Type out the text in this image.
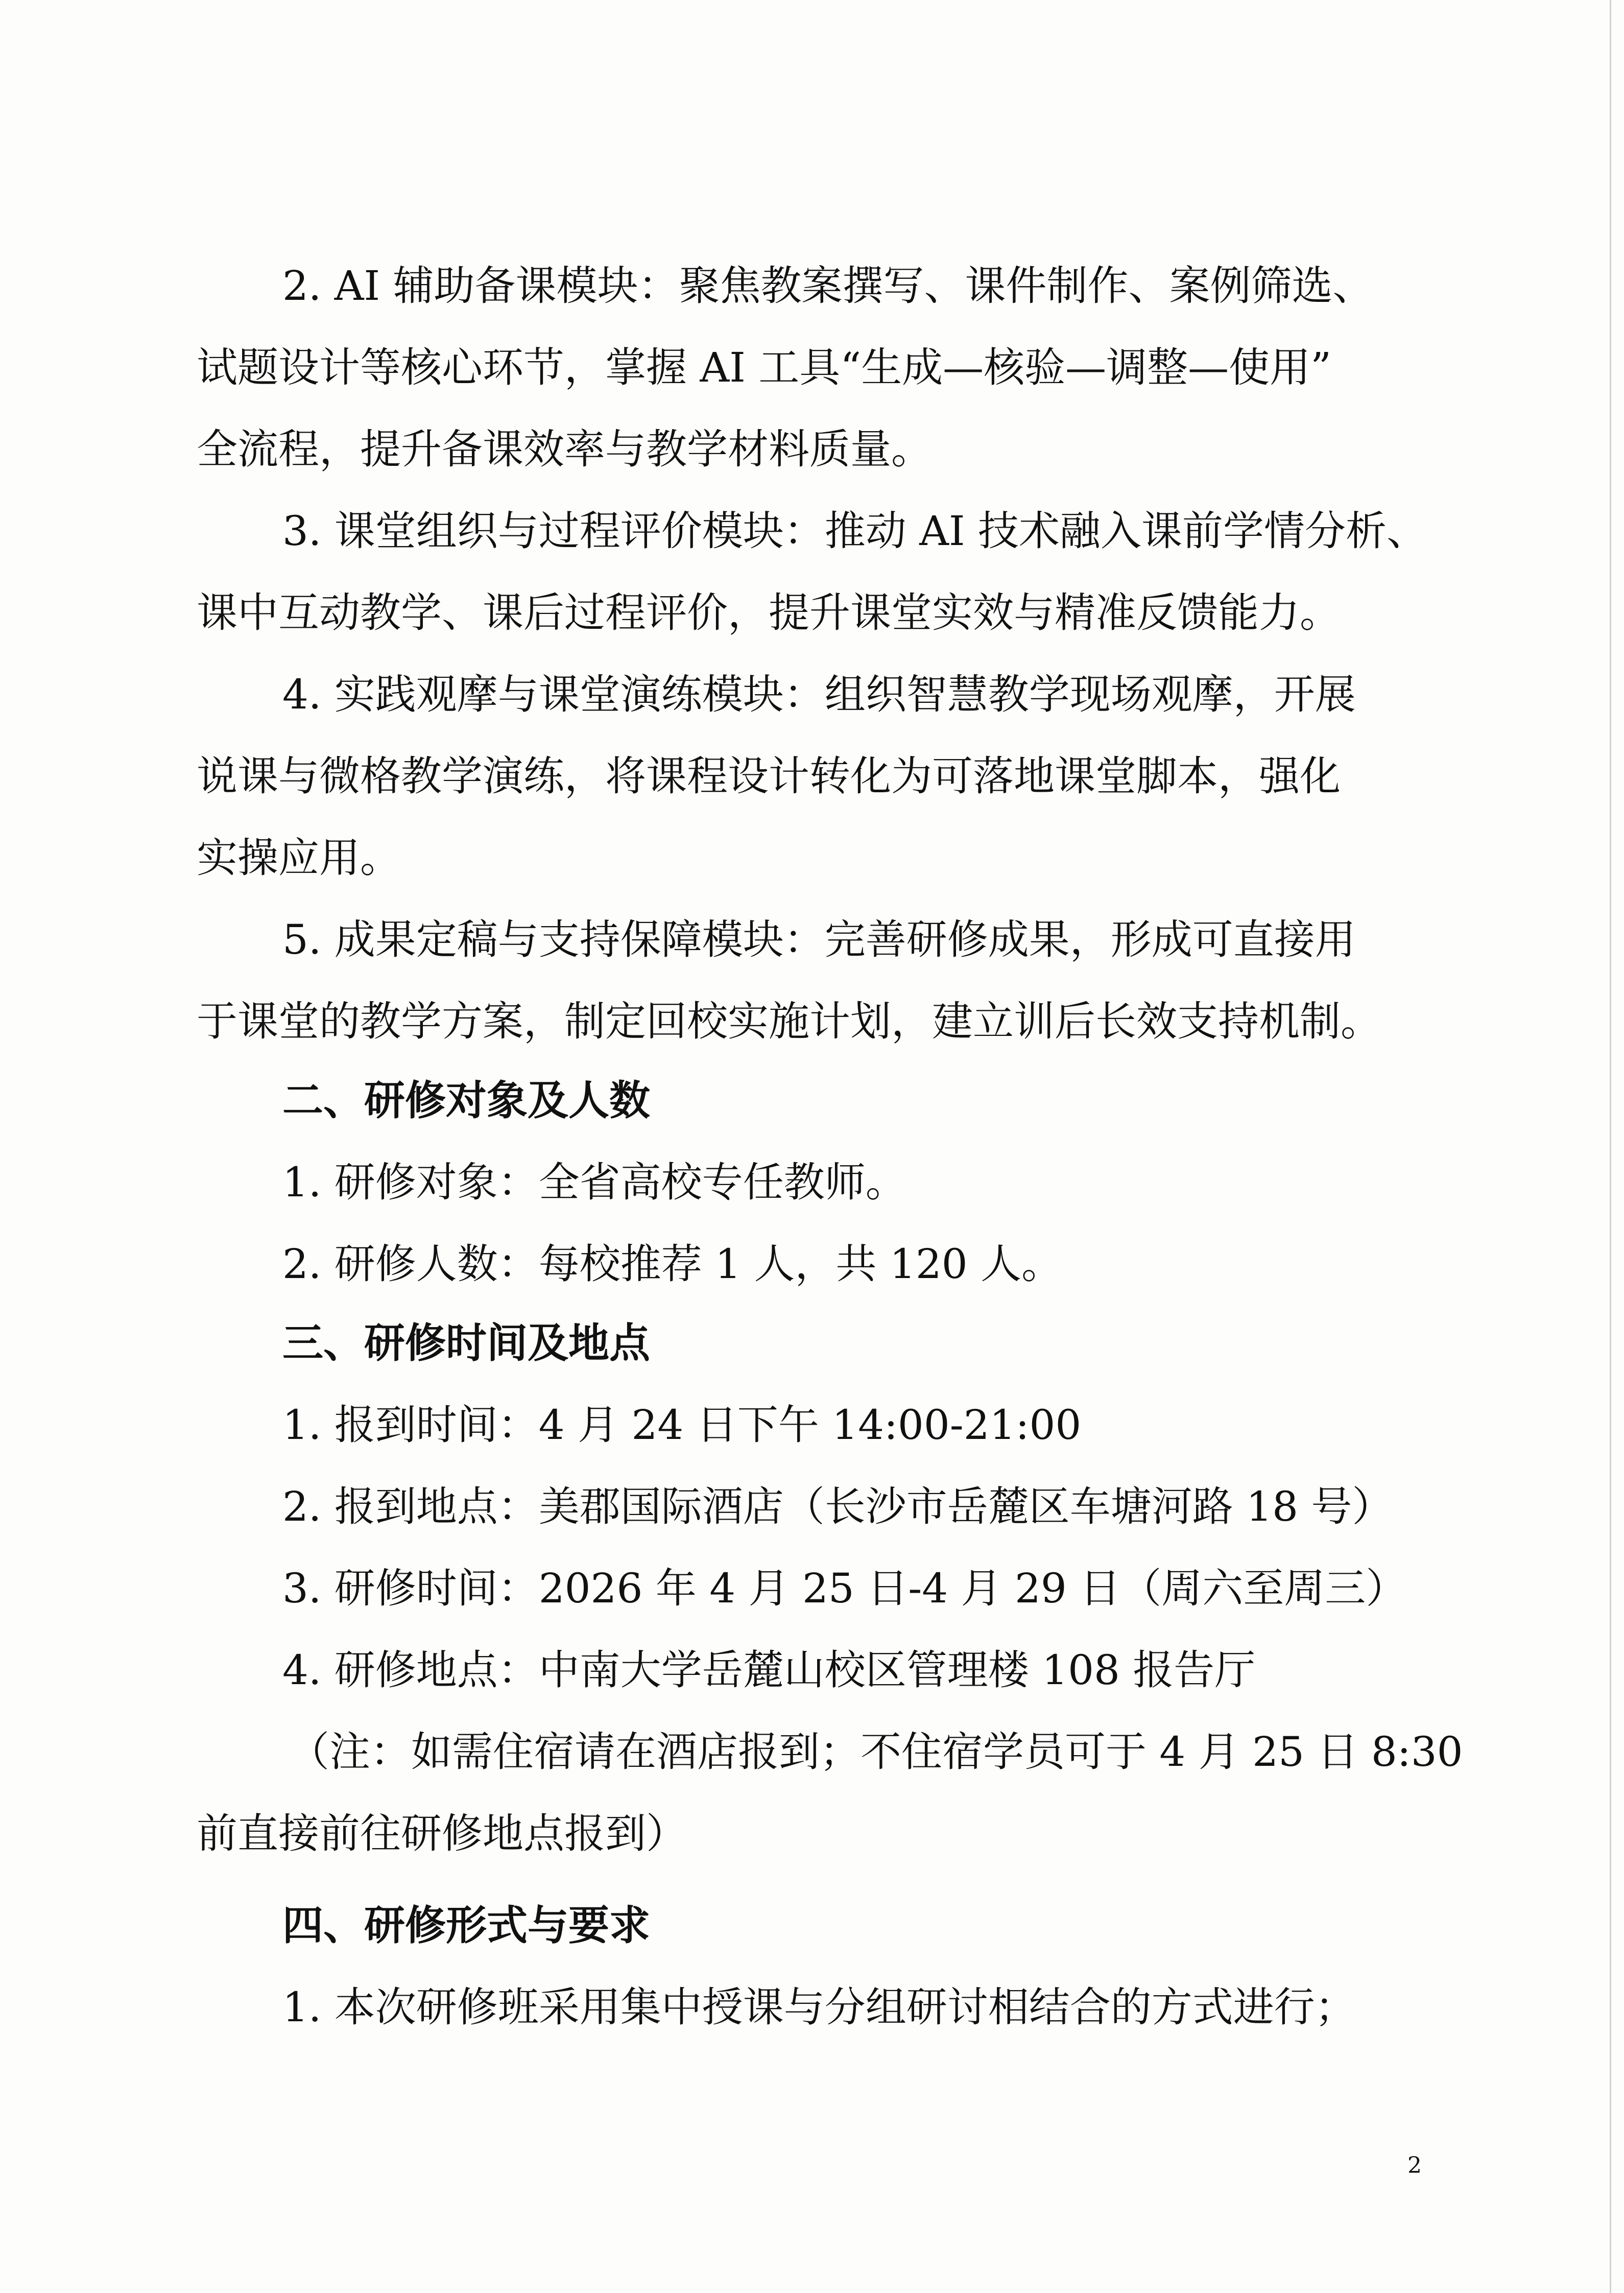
2. AI 辅助备课模块：聚焦教案撰写、课件制作、案例筛选、
试题设计等核心环节，掌握 AI 工具“生成—核验—调整—使用”
全流程，提升备课效率与教学材料质量。
3. 课堂组织与过程评价模块：推动 AI 技术融入课前学情分析、
课中互动教学、课后过程评价，提升课堂实效与精准反馈能力。
4. 实践观摩与课堂演练模块：组织智慧教学现场观摩，开展
说课与微格教学演练，将课程设计转化为可落地课堂脚本，强化
实操应用。
5. 成果定稿与支持保障模块：完善研修成果，形成可直接用
于课堂的教学方案，制定回校实施计划，建立训后长效支持机制。
二、研修对象及人数
1. 研修对象：全省高校专任教师。
2. 研修人数：每校推荐 1 人，共 120 人。
三、研修时间及地点
1. 报到时间：4 月 24 日下午 14:00-21:00
2. 报到地点：美郡国际酒店（长沙市岳麓区车塘河路 18 号）
3. 研修时间：2026 年 4 月 25 日-4 月 29 日（周六至周三）
4. 研修地点：中南大学岳麓山校区管理楼 108 报告厅
（注：如需住宿请在酒店报到；不住宿学员可于 4 月 25 日 8:30
前直接前往研修地点报到）
四、研修形式与要求
1. 本次研修班采用集中授课与分组研讨相结合的方式进行；
2
